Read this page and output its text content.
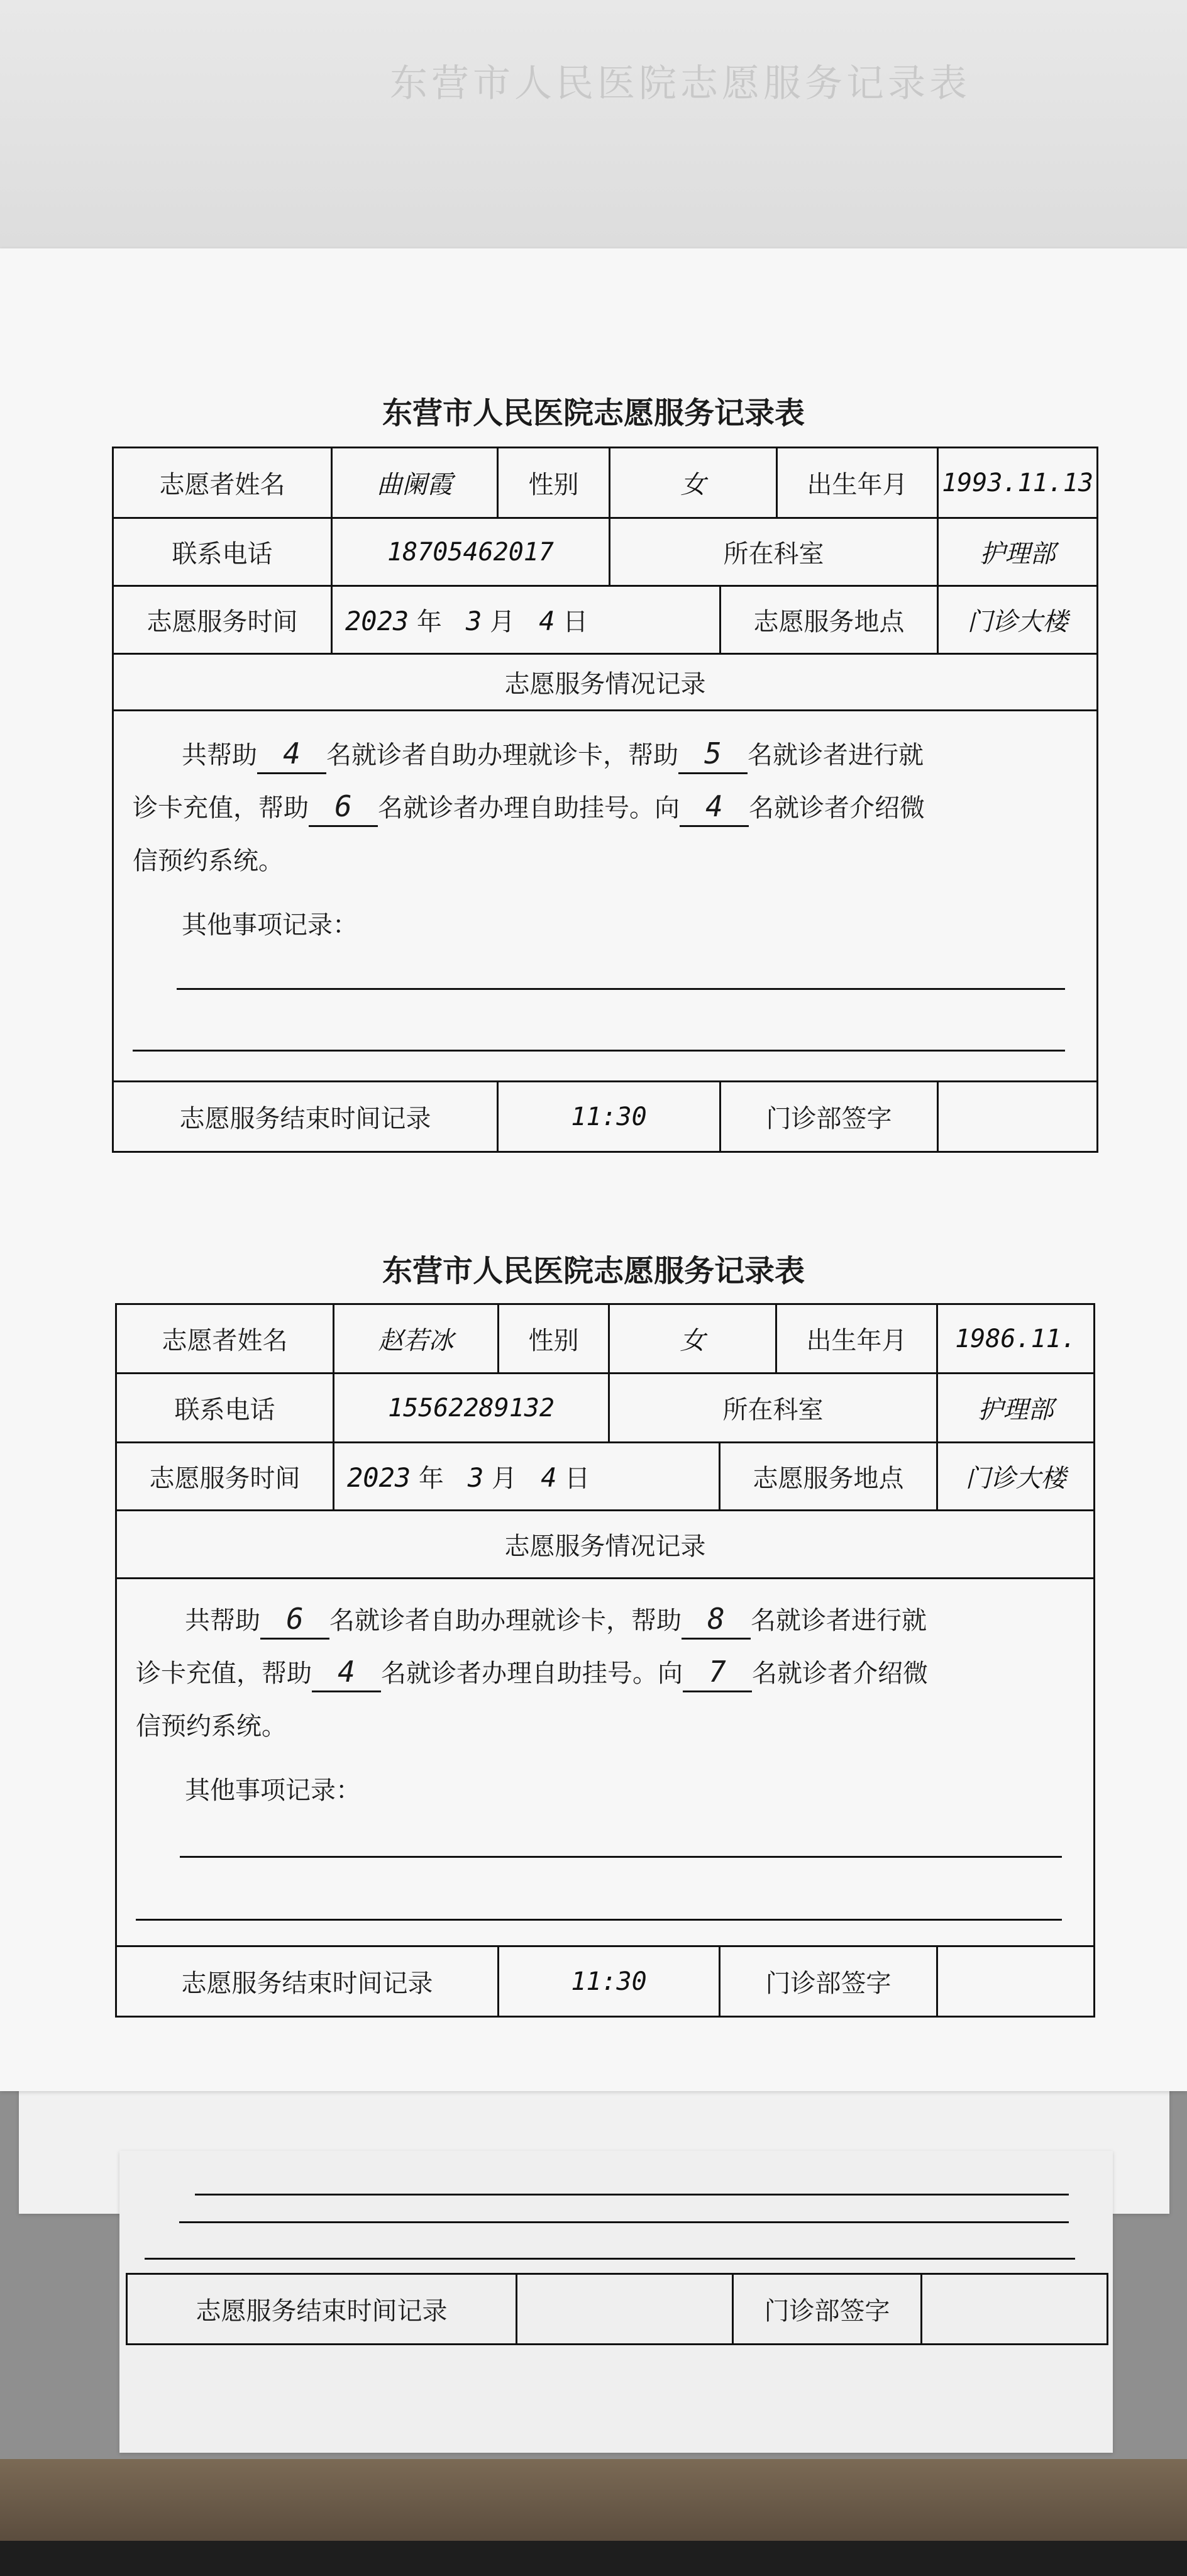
东营市人民医院志愿服务记录表
东营市人民医院志愿服务记录表
志愿者姓名	曲阑霞	性别	女		出生年月	1993.11.13
联系电话	18705462017		所在科室			护理部
志愿服务时间	2023 年 3 月 4 日			志愿服务地点		门诊大楼
志愿服务情况记录						

共帮助 4 名就诊者自助办理就诊卡，帮助 5 名就诊者进行就

诊卡充值，帮助 6 名就诊者办理自助挂号。向 4 名就诊者介绍微

信预约系统。

其他事项记录：						

志愿服务结束时间记录		11:30		门诊部签字		
东营市人民医院志愿服务记录表
志愿者姓名	赵若冰	性别	女		出生年月	1986.11.
联系电话	15562289132		所在科室			护理部
志愿服务时间	2023 年 3 月 4 日			志愿服务地点		门诊大楼
志愿服务情况记录						

共帮助 6 名就诊者自助办理就诊卡，帮助 8 名就诊者进行就

诊卡充值，帮助 4 名就诊者办理自助挂号。向 7 名就诊者介绍微

信预约系统。

其他事项记录：						

志愿服务结束时间记录		11:30		门诊部签字		
志愿服务结束时间记录		门诊部签字	
